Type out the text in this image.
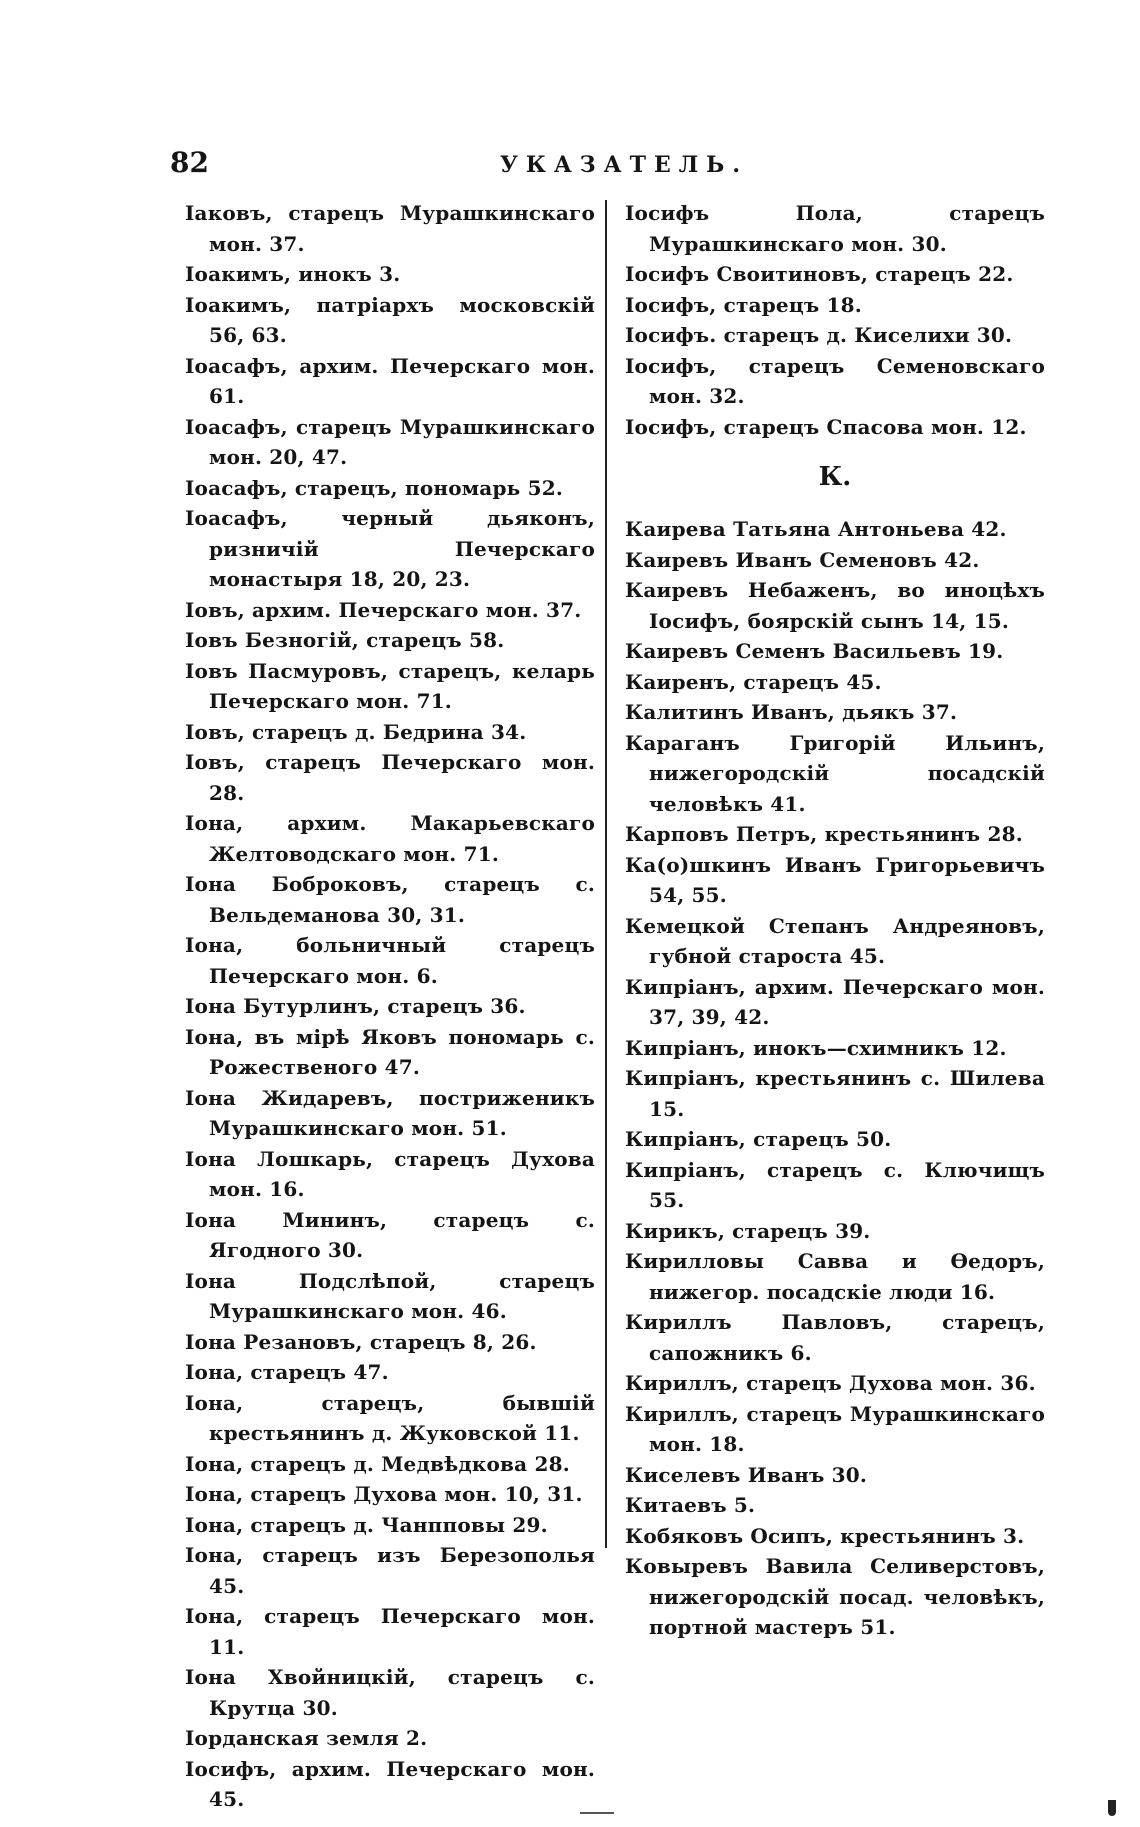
82	УКАЗАТЕЛЬ.
Іаковъ, старецъ Мурашкинскаго мон. 37.
Іоакимъ, инокъ 3.
Іоакимъ, патріархъ московскій 56, 63.
Іоасафъ, архим. Печерскаго мон. 61.
Іоасафъ, старецъ Мурашкинскаго мон. 20, 47.
Іоасафъ, старецъ, пономарь 52.
Іоасафъ, черный дьяконъ, ризничій Печерскаго монастыря 18, 20, 23.
Іовъ, архим. Печерскаго мон. 37.
Іовъ Безногій, старецъ 58.
Іовъ Пасмуровъ, старецъ, келарь Печерскаго мон. 71.
Іовъ, старецъ д. Бедрина 34.
Іовъ, старецъ Печерскаго мон. 28.
Іона, архим. Макарьевскаго Желтоводскаго мон. 71.
Іона Боброковъ, старецъ с. Вельдеманова 30, 31.
Іона, больничный старецъ Печерскаго мон. 6.
Іона Бутурлинъ, старецъ 36.
Іона, въ мірѣ Яковъ пономарь с. Рожественого 47.
Іона Жидаревъ, постриженикъ Мурашкинскаго мон. 51.
Іона Лошкарь, старецъ Духова мон. 16.
Іона Мининъ, старецъ с. Ягодного 30.
Іона Подслѣпой, старецъ Мурашкинскаго мон. 46.
Іона Резановъ, старецъ 8, 26.
Іона, старецъ 47.
Іона, старецъ, бывшій крестьянинъ д. Жуковской 11.
Іона, старецъ д. Медвѣдкова 28.
Іона, старецъ Духова мон. 10, 31.
Іона, старецъ д. Чанпповы 29.
Іона, старецъ изъ Березополья 45.
Іона, старецъ Печерскаго мон. 11.
Іона Хвойницкій, старецъ с. Крутца 30.
Іорданская земля 2.
Іосифъ, архим. Печерскаго мон. 45.
Іосифъ Пола, старецъ Мурашкинскаго мон. 30.
Іосифъ Своитиновъ, старецъ 22.
Іосифъ, старецъ 18.
Іосифъ. старецъ д. Киселихи 30.
Іосифъ, старецъ Семеновскаго мон. 32.
Іосифъ, старецъ Спасова мон. 12.
К.
Каирева Татьяна Антоньева 42.
Каиревъ Иванъ Семеновъ 42.
Каиревъ Небаженъ, во иноцѣхъ Іосифъ, боярскій сынъ 14, 15.
Каиревъ Семенъ Васильевъ 19.
Каиренъ, старецъ 45.
Калитинъ Иванъ, дьякъ 37.
Караганъ Григорій Ильинъ, нижегородскій посадскій человѣкъ 41.
Карповъ Петръ, крестьянинъ 28.
Ка(о)шкинъ Иванъ Григорьевичъ 54, 55.
Кемецкой Степанъ Андреяновъ, губной староста 45.
Кипріанъ, архим. Печерскаго мон. 37, 39, 42.
Кипріанъ, инокъ—схимникъ 12.
Кипріанъ, крестьянинъ с. Шилева 15.
Кипріанъ, старецъ 50.
Кипріанъ, старецъ с. Ключищъ 55.
Кирикъ, старецъ 39.
Кирилловы Савва и Ѳедоръ, нижегор. посадскіе люди 16.
Кириллъ Павловъ, старецъ, сапожникъ 6.
Кириллъ, старецъ Духова мон. 36.
Кириллъ, старецъ Мурашкинскаго мон. 18.
Киселевъ Иванъ 30.
Китаевъ 5.
Кобяковъ Осипъ, крестьянинъ 3.
Ковыревъ Вавила Селиверстовъ, нижегородскій посад. человѣкъ, портной мастеръ 51.
